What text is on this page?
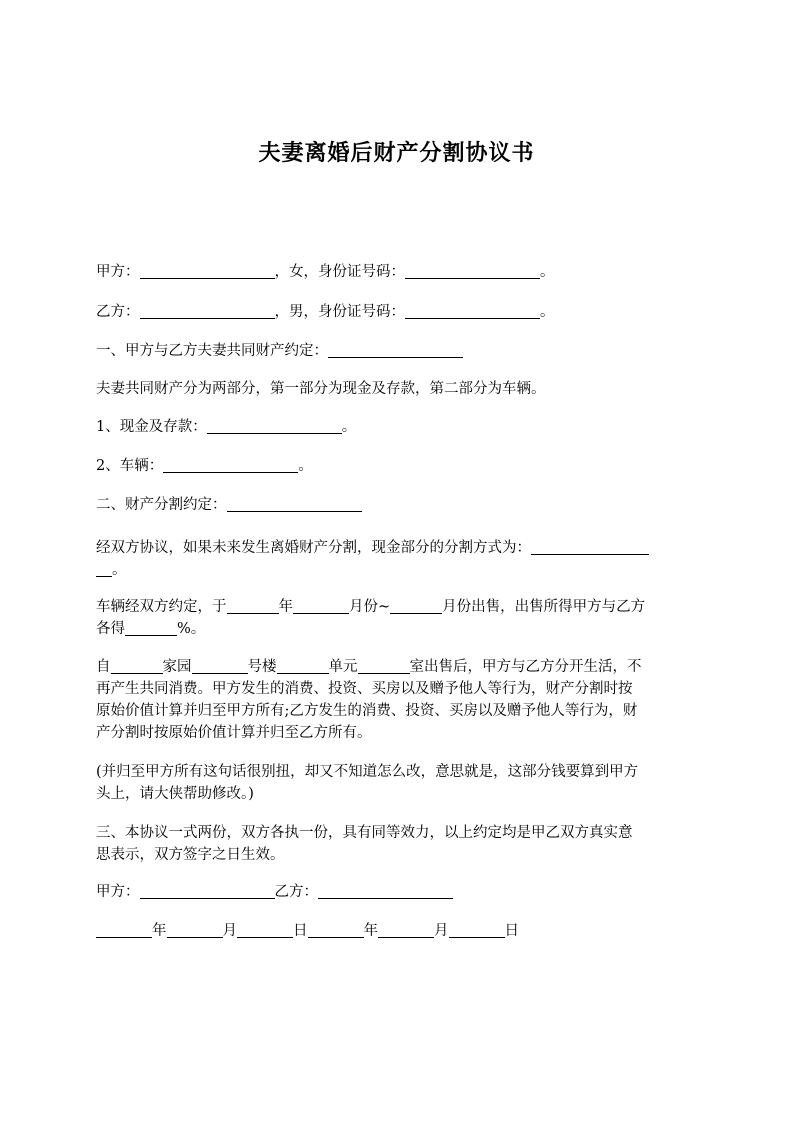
夫妻离婚后财产分割协议书
甲方：	，女，身份证号码：	。
乙方：	，男，身份证号码：	。
一、甲方与乙方夫妻共同财产约定：
夫妻共同财产分为两部分，第一部分为现金及存款，第二部分为车辆。
1、现金及存款：	。
2、车辆：	。
二、财产分割约定：
经双方协议，如果未来发生离婚财产分割，现金部分的分割方式为：
。
车辆经双方约定，于	年	月份~	月份出售，出售所得甲方与乙方
各得	%。
自	家园	号楼	单元	室出售后，甲方与乙方分开生活，不
再产生共同消费。甲方发生的消费、投资、买房以及赠予他人等行为，财产分割时按
原始价值计算并归至甲方所有;乙方发生的消费、投资、买房以及赠予他人等行为，财
产分割时按原始价值计算并归至乙方所有。
(并归至甲方所有这句话很别扭，却又不知道怎么改，意思就是，这部分钱要算到甲方
头上，请大侠帮助修改。)
三、本协议一式两份，双方各执一份，具有同等效力，以上约定均是甲乙双方真实意
思表示，双方签字之日生效。
甲方：	乙方：
年	月	日	年	月	日
